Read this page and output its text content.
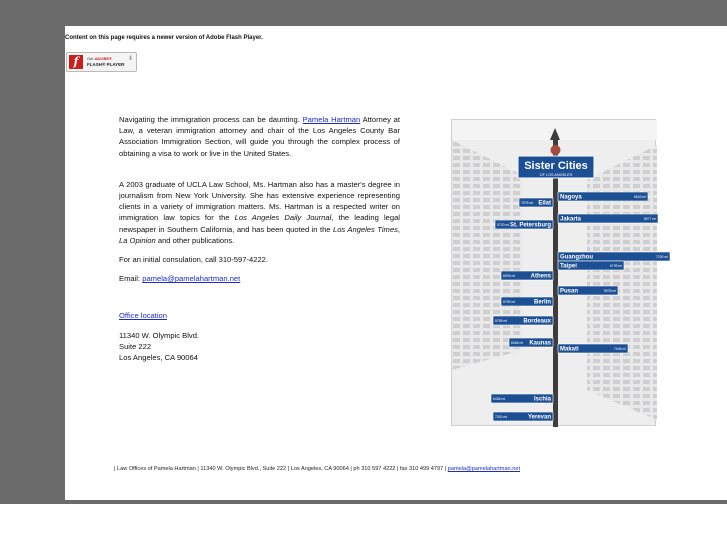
Content on this page requires a newer version of Adobe Flash Player.
f	Get ADOBE®
FLASH® PLAYER
⬇

Navigating the immigration process can be daunting. Pamela Hartman Attorney at Law, a veteran immigration attorney and chair of the Los Angeles County Bar Association Immigration Section, will guide you through the complex process of obtaining a visa to work or live in the United States.

A 2003 graduate of UCLA Law School, Ms. Hartman also has a master's degree in journalism from New York University. She has extensive experience representing clients in a variety of immigration matters. Ms. Hartman is a respected writer on immigration law topics for the Los Angeles Daily Journal, the leading legal newspaper in Southern California, and has been quoted in the Los Angeles Times, La Opinion and other publications.

For an initial consulation, call 310-597-4222.

Email: pamela@pamelahartman.net

Office location

11340 W. Olympic Blvd.

Suite 222

Los Angeles, CA 90064

Sister Cities
OF LOS ANGELES
7578 mi Eilat
5633 mi
Nagoya
5720 mi St. Petersburg
8977 mi
Jakarta
7230 mi
Guangzhou
6799 mi
Taipei
6925 mi	Athens
5978 mi
Pusan
5759 mi	Berlin
5759 mi	Bordeaux
6266 mi Kaunas
7406 mi
Makati
6436 mi	Ischia
7200 mi	Yerevan
| Law Offices of Pamela Hartman | 11340 W. Olympic Blvd., Suite 222 | Los Angeles, CA 90064 | ph 310 597 4222 | fax 310 499 4797 | pamela@pamelahartman.net
